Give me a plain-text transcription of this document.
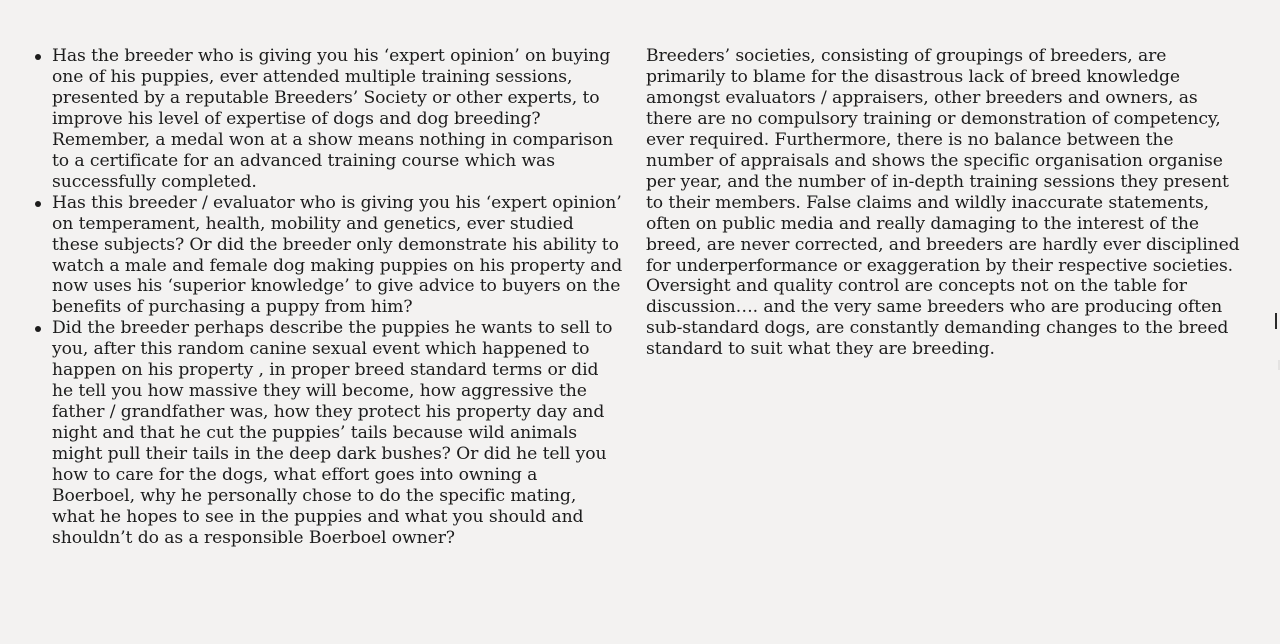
Has the breeder who is giving you his ‘expert opinion’ on buying one of his puppies, ever attended multiple training sessions, presented by a reputable Breeders’ Society or other experts, to improve his level of expertise of dogs and dog breeding? Remember, a medal won at a show means nothing in comparison to a certificate for an advanced training course which was successfully completed.
Has this breeder / evaluator who is giving you his ‘expert opinion’ on temperament, health, mobility and genetics, ever studied these subjects? Or did the breeder only demonstrate his ability to watch a male and female dog making puppies on his property and now uses his ‘superior knowledge’ to give advice to buyers on the benefits of purchasing a puppy from him?
Did the breeder perhaps describe the puppies he wants to sell to you, after this random canine sexual event which happened to happen on his property , in proper breed standard terms or did he tell you how massive they will become, how aggressive the father / grandfather was, how they protect his property day and night and that he cut the puppies’ tails because wild animals might pull their tails in the deep dark bushes? Or did he tell you how to care for the dogs, what effort goes into owning a Boerboel, why he personally chose to do the specific mating, what he hopes to see in the puppies and what you should and shouldn’t do as a responsible Boerboel owner?

Breeders’ societies, consisting of groupings of breeders, are primarily to blame for the disastrous lack of breed knowledge amongst evaluators / appraisers, other breeders and owners, as there are no compulsory training or demonstration of competency, ever required. Furthermore, there is no balance between the number of appraisals and shows the specific organisation organise per year, and the number of in-depth training sessions they present to their members. False claims and wildly inaccurate statements, often on public media and really damaging to the interest of the breed, are never corrected, and breeders are hardly ever disciplined for underperformance or exaggeration by their respective societies. Oversight and quality control are concepts not on the table for discussion…. and the very same breeders who are producing often sub-standard dogs, are constantly demanding changes to the breed standard to suit what they are breeding.
